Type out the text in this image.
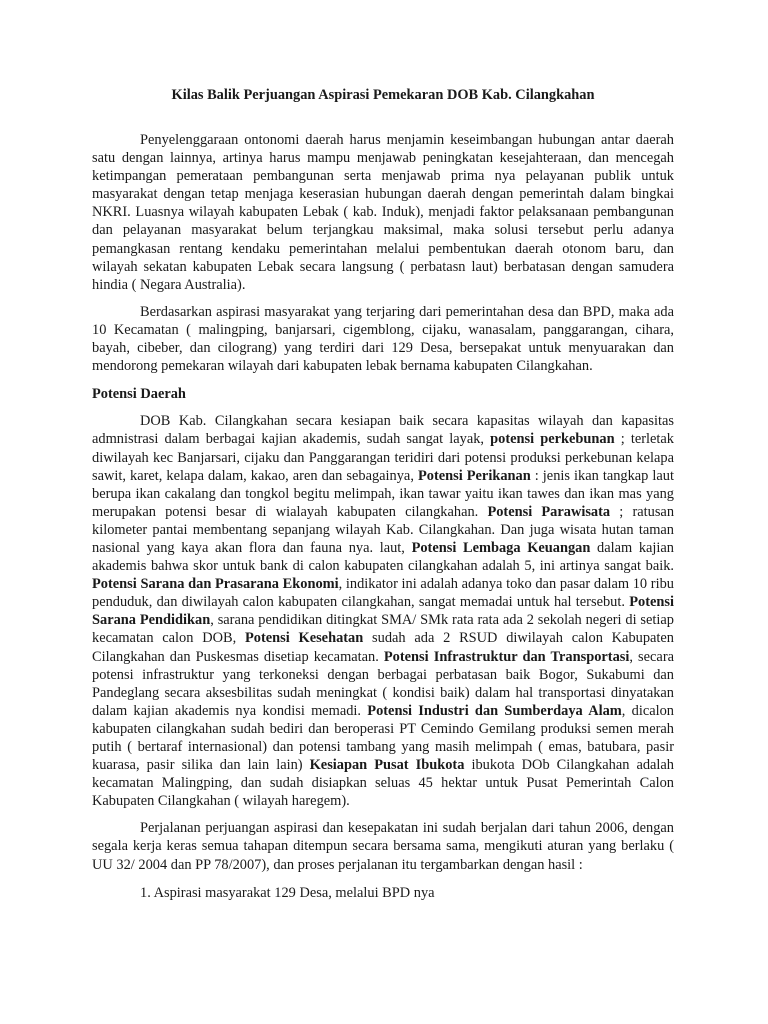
Kilas Balik Perjuangan Aspirasi Pemekaran DOB Kab. Cilangkahan

Penyelenggaraan ontonomi daerah harus menjamin keseimbangan hubungan antar daerah satu dengan lainnya, artinya harus mampu menjawab peningkatan kesejahteraan, dan mencegah ketimpangan pemerataan pembangunan serta menjawab prima nya pelayanan publik untuk masyarakat dengan tetap menjaga keserasian hubungan daerah dengan pemerintah dalam bingkai NKRI. Luasnya wilayah kabupaten Lebak ( kab. Induk), menjadi faktor pelaksanaan pembangunan dan pelayanan masyarakat belum terjangkau maksimal, maka solusi tersebut perlu adanya pemangkasan rentang kendaku pemerintahan melalui pembentukan daerah otonom baru, dan wilayah sekatan kabupaten Lebak secara langsung ( perbatasn laut) berbatasan dengan samudera hindia ( Negara Australia).

Berdasarkan aspirasi masyarakat yang terjaring dari pemerintahan desa dan BPD, maka ada 10 Kecamatan ( malingping, banjarsari, cigemblong, cijaku, wanasalam, panggarangan, cihara, bayah, cibeber, dan cilograng) yang terdiri dari 129 Desa, bersepakat untuk menyuarakan dan mendorong pemekaran wilayah dari kabupaten lebak bernama kabupaten Cilangkahan.

Potensi Daerah

DOB Kab. Cilangkahan secara kesiapan baik secara kapasitas wilayah dan kapasitas admnistrasi dalam berbagai kajian akademis, sudah sangat layak, potensi perkebunan ; terletak diwilayah kec Banjarsari, cijaku dan Panggarangan teridiri dari potensi produksi perkebunan kelapa sawit, karet, kelapa dalam, kakao, aren dan sebagainya, Potensi Perikanan : jenis ikan tangkap laut berupa ikan cakalang dan tongkol begitu melimpah, ikan tawar yaitu ikan tawes dan ikan mas yang merupakan potensi besar di wialayah kabupaten cilangkahan. Potensi Parawisata ; ratusan kilometer pantai membentang sepanjang wilayah Kab. Cilangkahan. Dan juga wisata hutan taman nasional yang kaya akan flora dan fauna nya. laut, Potensi Lembaga Keuangan dalam kajian akademis bahwa skor untuk bank di calon kabupaten cilangkahan adalah 5, ini artinya sangat baik. Potensi Sarana dan Prasarana Ekonomi, indikator ini adalah adanya toko dan pasar dalam 10 ribu penduduk, dan diwilayah calon kabupaten cilangkahan, sangat memadai untuk hal tersebut. Potensi Sarana Pendidikan, sarana pendidikan ditingkat SMA/ SMk rata rata ada 2 sekolah negeri di setiap kecamatan calon DOB, Potensi Kesehatan sudah ada 2 RSUD diwilayah calon Kabupaten Cilangkahan dan Puskesmas disetiap kecamatan. Potensi Infrastruktur dan Transportasi, secara potensi infrastruktur yang terkoneksi dengan berbagai perbatasan baik Bogor, Sukabumi dan Pandeglang secara aksesbilitas sudah meningkat ( kondisi baik) dalam hal transportasi dinyatakan dalam kajian akademis nya kondisi memadi. Potensi Industri dan Sumberdaya Alam, dicalon kabupaten cilangkahan sudah bediri dan beroperasi PT Cemindo Gemilang produksi semen merah putih ( bertaraf internasional) dan potensi tambang yang masih melimpah ( emas, batubara, pasir kuarasa, pasir silika dan lain lain) Kesiapan Pusat Ibukota ibukota DOb Cilangkahan adalah kecamatan Malingping, dan sudah disiapkan seluas 45 hektar untuk Pusat Pemerintah Calon Kabupaten Cilangkahan ( wilayah haregem).

Perjalanan perjuangan aspirasi dan kesepakatan ini sudah berjalan dari tahun 2006, dengan segala kerja keras semua tahapan ditempun secara bersama sama, mengikuti aturan yang berlaku ( UU 32/ 2004 dan PP 78/2007), dan proses perjalanan itu tergambarkan dengan hasil :

1. Aspirasi masyarakat 129 Desa, melalui BPD nya
